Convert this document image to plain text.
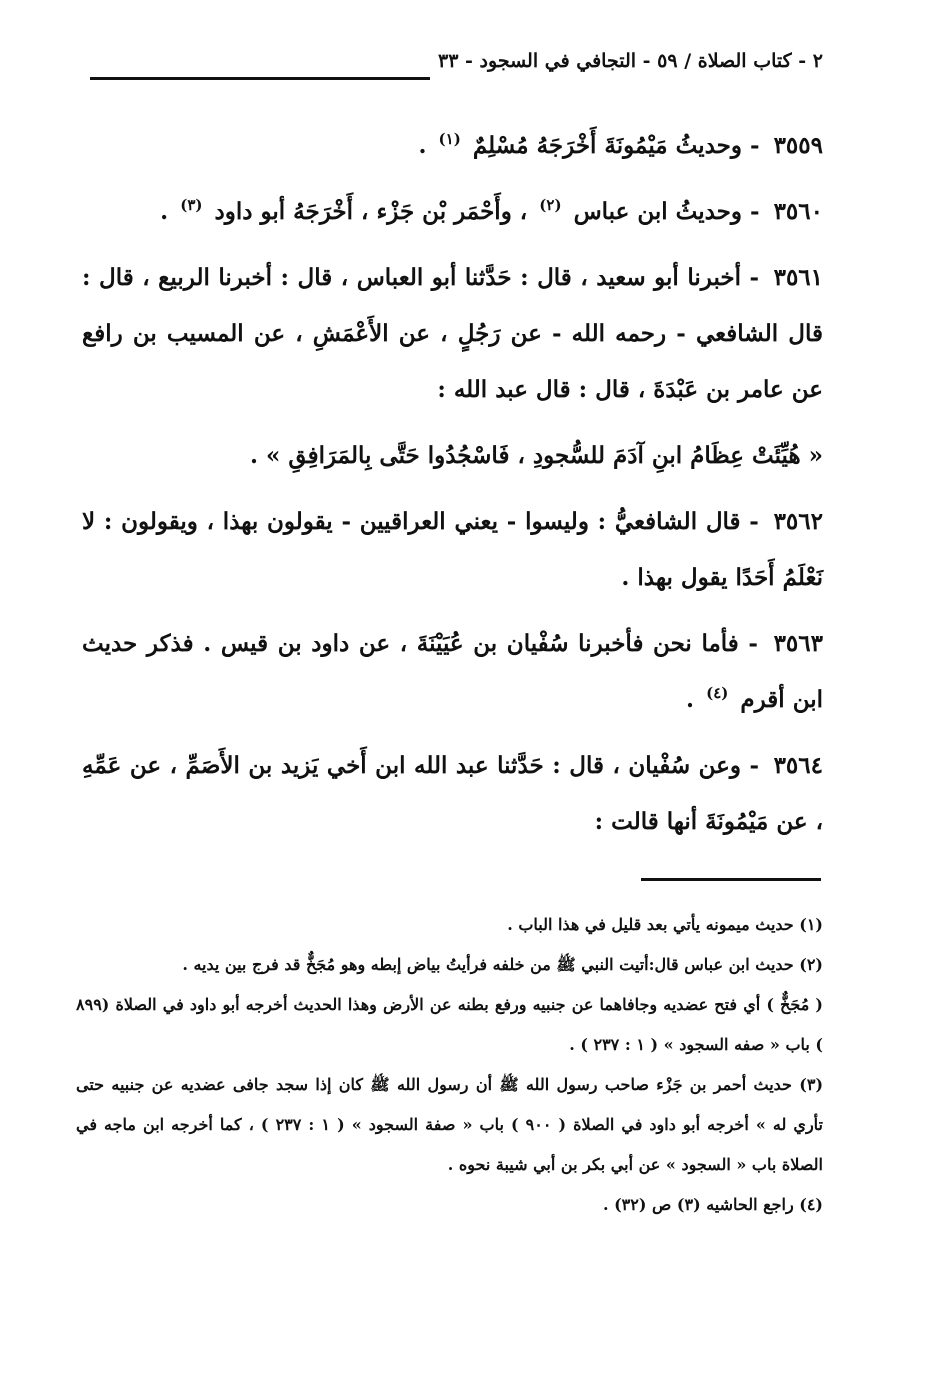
٢ - كتاب الصلاة / ٥٩ - التجافي في السجود - ٣٣

٣٥٥٩ - وحديثُ مَيْمُونَةَ أَخْرَجَهُ مُسْلِمٌ $^{(١)}$ .

٣٥٦٠ - وحديثُ ابن عباس $^{(٢)}$ ، وأَحْمَر بْن جَزْء ، أَخْرَجَهُ أبو داود $^{(٣)}$ .

٣٥٦١ - أخبرنا أبو سعيد ، قال : حَدَّثنا أبو العباس ، قال : أخبرنا الربيع ، قال : قال الشافعي - رحمه الله - عن رَجُلٍ ، عن الأَعْمَشِ ، عن المسيب بن رافع عن عامر بن عَبْدَةَ ، قال : قال عبد الله :

« هُيِّئَتْ عِظَامُ ابنِ آدَمَ للسُّجودِ ، فَاسْجُدُوا حَتَّى بِالمَرَافِقِ » .

٣٥٦٢ - قال الشافعيُّ : وليسوا - يعني العراقيين - يقولون بهذا ، ويقولون : لا نَعْلَمُ أَحَدًا يقول بهذا .

٣٥٦٣ - فأما نحن فأخبرنا سُفْيان بن عُيَيْنَةَ ، عن داود بن قيس . فذكر حديث ابن أقرم $^{(٤)}$ .

٣٥٦٤ - وعن سُفْيان ، قال : حَدَّثنا عبد الله ابن أَخي يَزيد بن الأَصَمِّ ، عن عَمِّهِ ، عن مَيْمُونَةَ أنها قالت :

(١) حديث ميمونه يأتي بعد قليل في هذا الباب .

(٢) حديث ابن عباس قال:أتيت النبي ﷺ من خلفه فرأيتُ بياض إبطه وهو مُجَخٌّ قد فرج بين يديه .

( مُجَخٌّ ) أي فتح عضديه وجافاهما عن جنبيه ورفع بطنه عن الأرض وهذا الحديث أخرجه أبو داود في الصلاة (٨٩٩ ) باب « صفه السجود » ( ١ : ٢٣٧ ) .

(٣) حديث أحمر بن جَزْء صاحب رسول الله ﷺ أن رسول الله ﷺ كان إذا سجد جافى عضديه عن جنبيه حتى تأري له » أخرجه أبو داود في الصلاة ( ٩٠٠ ) باب « صفة السجود » ( ١ : ٢٣٧ ) ، كما أخرجه ابن ماجه في الصلاة باب « السجود » عن أبي بكر بن أبي شيبة نحوه .

(٤) راجع الحاشيه (٣) ص (٣٢) .
